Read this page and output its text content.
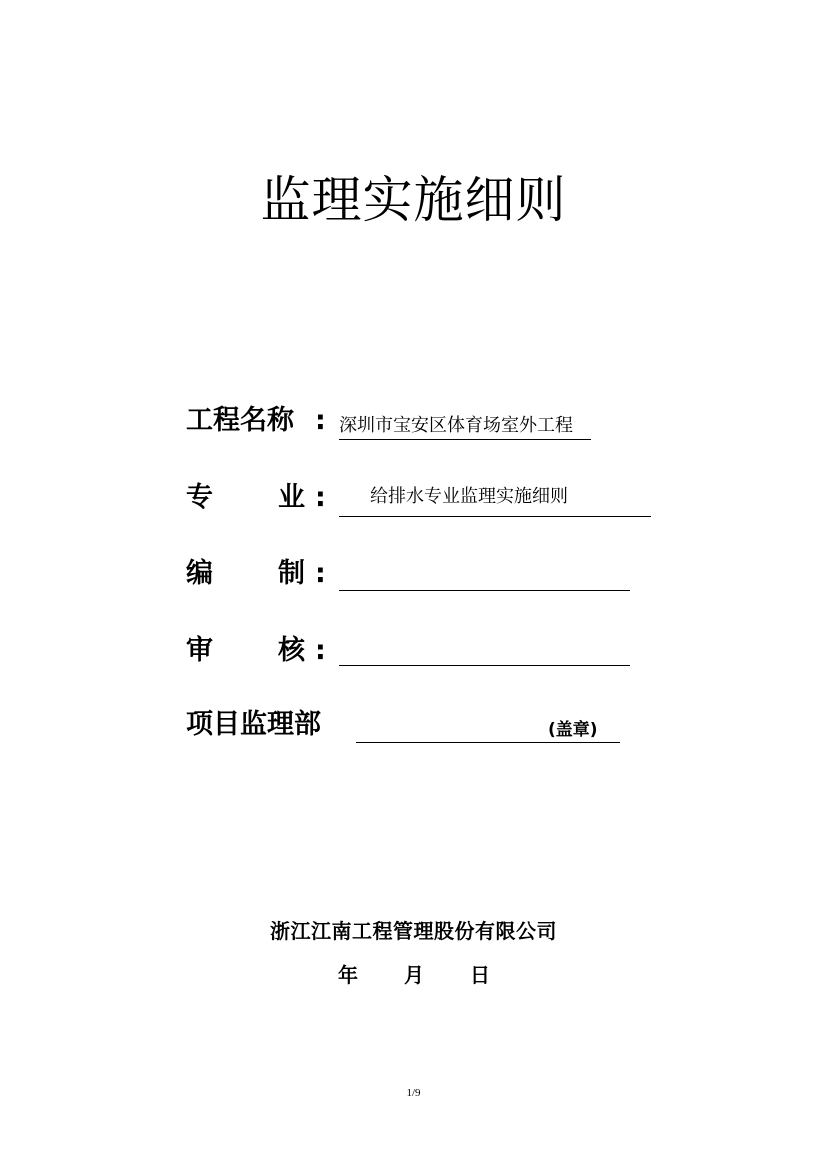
监理实施细则
工程名称 : 深圳市宝安区体育场室外工程
专 业 : 给排水专业监理实施细则
编 制 :
审 核 :
项目监理部	(盖章)
浙江江南工程管理股份有限公司
年 月 日
1/9
